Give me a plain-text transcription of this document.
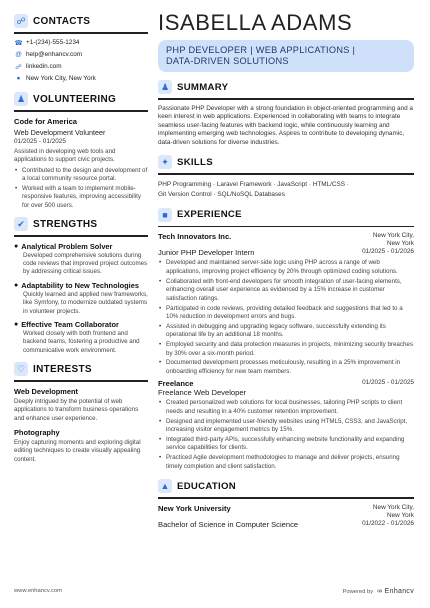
☍ CONTACTS
☎ +1-(234)-555-1234
@ help@enhancv.com
☍ linkedin.com
● New York City, New York
♟ VOLUNTEERING
Code for America
Web Development Volunteer
01/2025 - 01/2025
Assisted in developing web tools and applications to support civic projects.
• Contributed to the design and development of a local community resource portal.
• Worked with a team to implement mobile-responsive features, improving accessibility for over 500 users.
✔ STRENGTHS
● Analytical Problem Solver
Developed comprehensive solutions during code reviews that improved project outcomes by addressing critical issues.
● Adaptability to New Technologies
Quickly learned and applied new frameworks, like Symfony, to modernize outdated systems in volunteer projects.
● Effective Team Collaborator
Worked closely with both frontend and backend teams, fostering a productive and communicative work environment.
♡ INTERESTS
Web Development
Deeply intrigued by the potential of web applications to transform business operations and enhance user experience.
Photography
Enjoy capturing moments and exploring digital editing techniques to create visually appealing content.
ISABELLA ADAMS
PHP DEVELOPER | WEB APPLICATIONS |
DATA-DRIVEN SOLUTIONS
♟ SUMMARY
Passionate PHP Developer with a strong foundation in object-oriented programming and a keen interest in web applications. Experienced in collaborating with teams to integrate seamless user-facing features with backend logic, while continuously learning and implementing emerging web technologies. Aspires to contribute to developing dynamic, data-driven solutions for diverse industries.
✦ SKILLS
PHP Programming · Laravel Framework · JavaScript · HTML/CSS ·
Git Version Control · SQL/NoSQL Databases
■ EXPERIENCE
Tech Innovators Inc.	New York City,
New York
Junior PHP Developer Intern	01/2025 - 01/2026
• Developed and maintained server-side logic using PHP across a range of web applications, improving project efficiency by 20% through optimized coding solutions.
• Collaborated with front-end developers for smooth integration of user-facing elements, enhancing overall user experience as evidenced by a 15% increase in customer satisfaction ratings.
• Participated in code reviews, providing detailed feedback and suggestions that led to a 10% reduction in development errors and bugs.
• Assisted in debugging and upgrading legacy software, successfully extending its operational life by an additional 18 months.
• Employed security and data protection measures in projects, minimizing security breaches by 30% over a six-month period.
• Documented development processes meticulously, resulting in a 25% improvement in onboarding efficiency for new team members.
Freelance	01/2025 - 01/2025
Freelance Web Developer
• Created personalized web solutions for local businesses, tailoring PHP scripts to client needs and resulting in a 40% customer retention improvement.
• Designed and implemented user-friendly websites using HTML5, CSS3, and JavaScript, increasing visitor engagement metrics by 15%.
• Integrated third-party APIs, successfully enhancing website functionality and expanding service capabilities for clients.
• Practiced Agile development methodologies to manage and deliver projects, ensuring timely completion and client satisfaction.
▲ EDUCATION
New York University	New York City,
New York
Bachelor of Science in Computer Science	01/2022 - 01/2026
www.enhancv.com	Powered by ∞ Enhancv
